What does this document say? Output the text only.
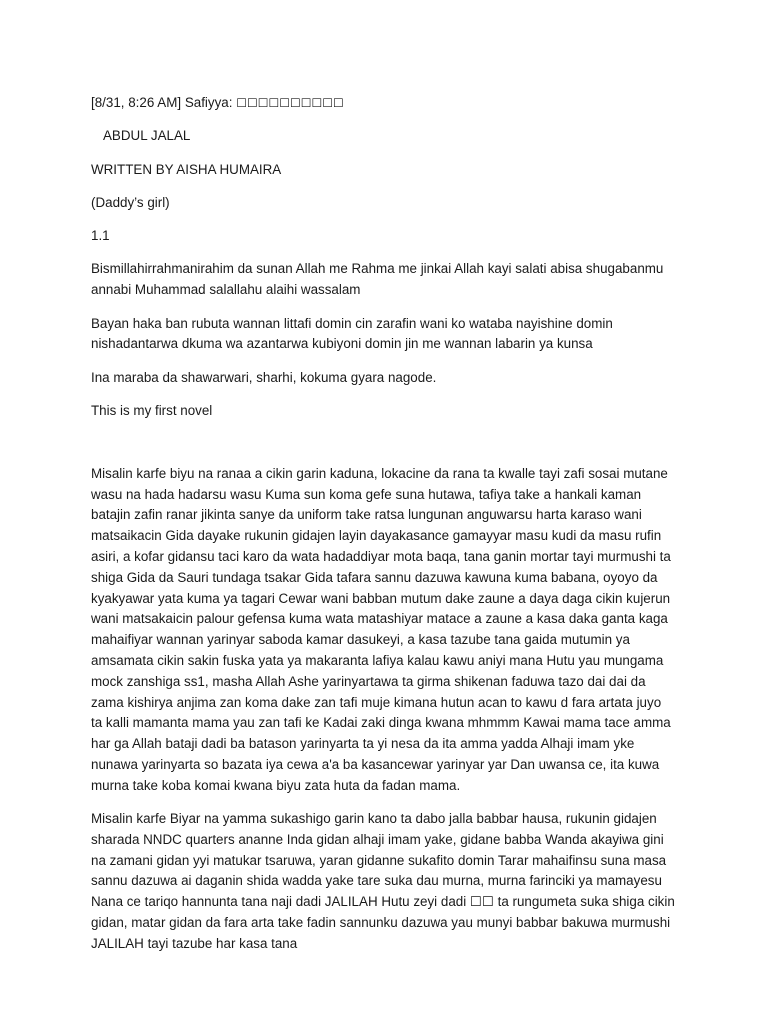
[8/31, 8:26 AM] Safiyya: ☐☐☐☐☐☐☐☐☐☐

ABDUL JALAL

WRITTEN BY AISHA HUMAIRA

(Daddy’s girl)

1.1

Bismillahirrahmanirahim da sunan Allah me Rahma me jinkai Allah kayi salati abisa shugabanmu annabi Muhammad salallahu alaihi wassalam

Bayan haka ban rubuta wannan littafi domin cin zarafin wani ko wataba nayishine domin nishadantarwa dkuma wa azantarwa kubiyoni domin jin me wannan labarin ya kunsa

Ina maraba da shawarwari, sharhi, kokuma gyara nagode.

This is my first novel

Misalin karfe biyu na ranaa a cikin garin kaduna, lokacine da rana ta kwalle tayi zafi sosai mutane wasu na hada hadarsu wasu Kuma sun koma gefe suna hutawa, tafiya take a hankali kaman batajin zafin ranar jikinta sanye da uniform take ratsa lungunan anguwarsu harta karaso wani matsaikacin Gida dayake rukunin gidajen layin dayakasance gamayyar masu kudi da masu rufin asiri, a kofar gidansu taci karo da wata hadaddiyar mota baqa, tana ganin mortar tayi murmushi ta shiga Gida da Sauri tundaga tsakar Gida tafara sannu dazuwa kawuna kuma babana, oyoyo da kyakyawar yata kuma ya tagari Cewar wani babban mutum dake zaune a daya daga cikin kujerun wani matsakaicin palour gefensa kuma wata matashiyar matace a zaune a kasa daka ganta kaga mahaifiyar wannan yarinyar saboda kamar dasukeyi, a kasa tazube tana gaida mutumin ya amsamata cikin sakin fuska yata ya makaranta lafiya kalau kawu aniyi mana Hutu yau mungama mock zanshiga ss1, masha Allah Ashe yarinyartawa ta girma shikenan faduwa tazo dai dai da zama kishirya anjima zan koma dake zan tafi muje kimana hutun acan to kawu d fara artata juyo ta kalli mamanta mama yau zan tafi ke Kadai zaki dinga kwana mhmmm Kawai mama tace amma har ga Allah bataji dadi ba batason yarinyarta ta yi nesa da ita amma yadda Alhaji imam yke nunawa yarinyarta so bazata iya cewa a'a ba kasancewar yarinyar yar Dan uwansa ce, ita kuwa murna take koba komai kwana biyu zata huta da fadan mama.

Misalin karfe Biyar na yamma sukashigo garin kano ta dabo jalla babbar hausa, rukunin gidajen sharada NNDC quarters ananne Inda gidan alhaji imam yake, gidane babba Wanda akayiwa gini na zamani gidan yyi matukar tsaruwa, yaran gidanne sukafito domin Tarar mahaifinsu suna masa sannu dazuwa ai daganin shida wadda yake tare suka dau murna, murna farinciki ya mamayesu Nana ce tariqo hannunta tana naji dadi JALILAH Hutu zeyi dadi ☐☐ ta rungumeta suka shiga cikin gidan, matar gidan da fara arta take fadin sannunku dazuwa yau munyi babbar bakuwa murmushi JALILAH tayi tazube har kasa tana
